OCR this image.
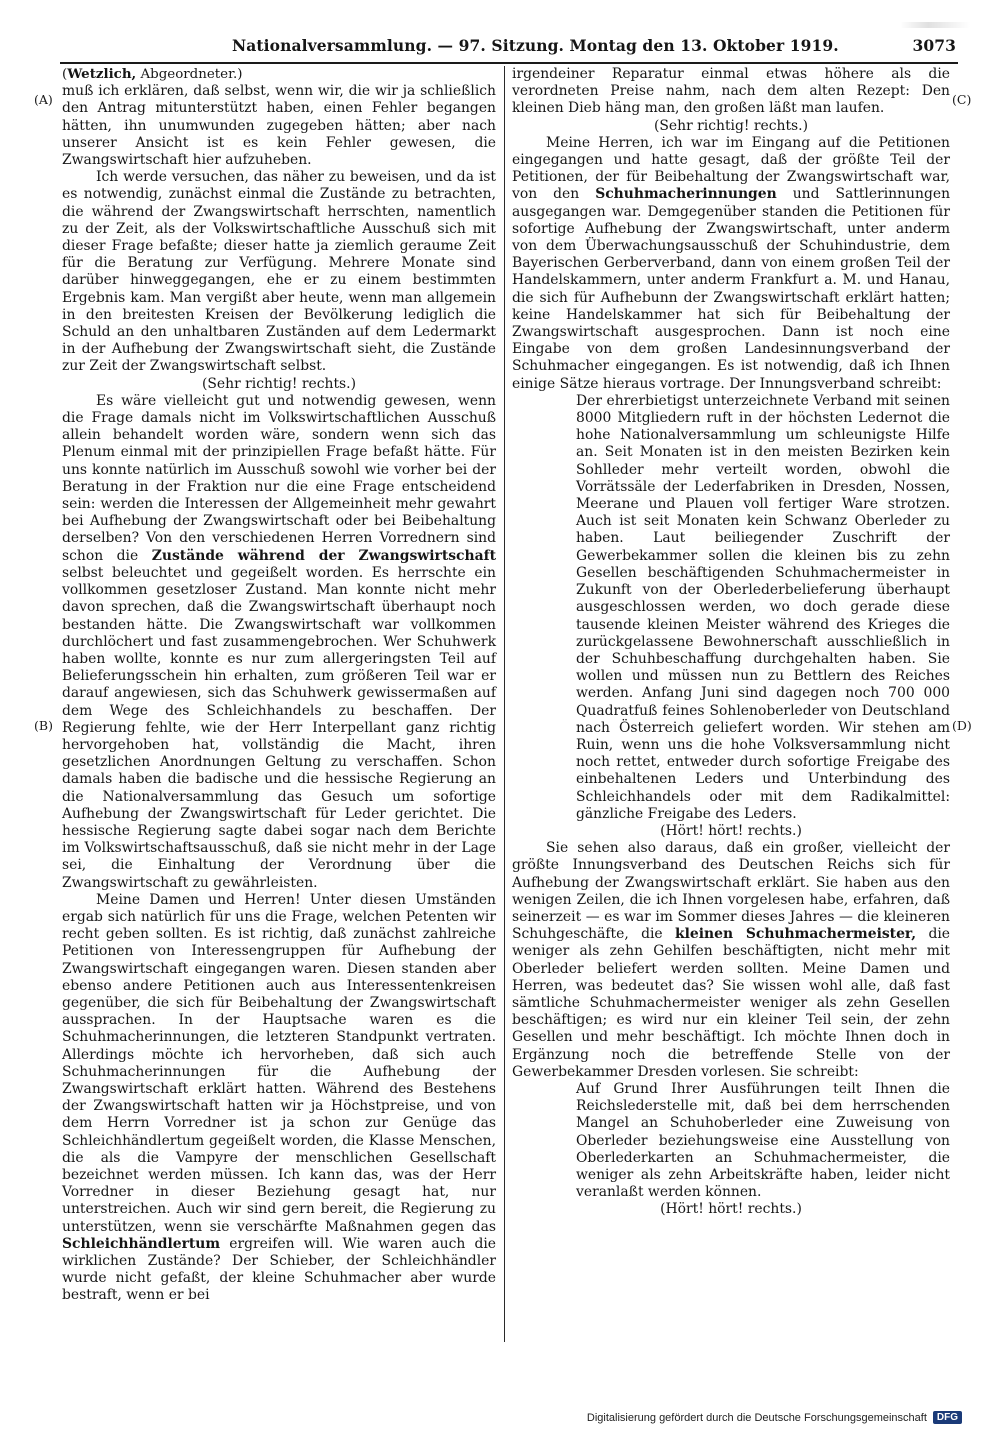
Nationalversammlung. — 97. Sitzung. Montag den 13. Oktober 1919.	3073
(A)
(B)
(C)
(D)

(Wetzlich, Abgeordneter.)

muß ich erklären, daß selbst, wenn wir, die wir ja schließlich den Antrag mitunterstützt haben, einen Fehler begangen hätten, ihn unumwunden zugegeben hätten; aber nach unserer Ansicht ist es kein Fehler gewesen, die Zwangswirtschaft hier aufzuheben.

Ich werde versuchen, das näher zu beweisen, und da ist es notwendig, zunächst einmal die Zustände zu betrachten, die während der Zwangswirtschaft herrschten, namentlich zu der Zeit, als der Volkswirtschaftliche Ausschuß sich mit dieser Frage befaßte; dieser hatte ja ziemlich geraume Zeit für die Beratung zur Verfügung. Mehrere Monate sind darüber hinweggegangen, ehe er zu einem bestimmten Ergebnis kam. Man vergißt aber heute, wenn man allgemein in den breitesten Kreisen der Bevölkerung lediglich die Schuld an den unhaltbaren Zuständen auf dem Ledermarkt in der Aufhebung der Zwangswirtschaft sieht, die Zustände zur Zeit der Zwangswirtschaft selbst.

(Sehr richtig! rechts.)

Es wäre vielleicht gut und notwendig gewesen, wenn die Frage damals nicht im Volkswirtschaftlichen Ausschuß allein behandelt worden wäre, sondern wenn sich das Plenum einmal mit der prinzipiellen Frage befaßt hätte. Für uns konnte natürlich im Ausschuß sowohl wie vorher bei der Beratung in der Fraktion nur die eine Frage entscheidend sein: werden die Interessen der Allgemeinheit mehr gewahrt bei Aufhebung der Zwangswirtschaft oder bei Beibehaltung derselben? Von den verschiedenen Herren Vorrednern sind schon die Zustände während der Zwangswirtschaft selbst beleuchtet und gegeißelt worden. Es herrschte ein vollkommen gesetzloser Zustand. Man konnte nicht mehr davon sprechen, daß die Zwangswirtschaft überhaupt noch bestanden hätte. Die Zwangswirtschaft war vollkommen durchlöchert und fast zusammengebrochen. Wer Schuhwerk haben wollte, konnte es nur zum allergeringsten Teil auf Belieferungsschein hin erhalten, zum größeren Teil war er darauf angewiesen, sich das Schuhwerk gewissermaßen auf dem Wege des Schleichhandels zu beschaffen. Der Regierung fehlte, wie der Herr Interpellant ganz richtig hervorgehoben hat, vollständig die Macht, ihren gesetzlichen Anordnungen Geltung zu verschaffen. Schon damals haben die badische und die hessische Regierung an die Nationalversammlung das Gesuch um sofortige Aufhebung der Zwangswirtschaft für Leder gerichtet. Die hessische Regierung sagte dabei sogar nach dem Berichte im Volkswirtschaftsausschuß, daß sie nicht mehr in der Lage sei, die Einhaltung der Verordnung über die Zwangswirtschaft zu gewährleisten.

Meine Damen und Herren! Unter diesen Umständen ergab sich natürlich für uns die Frage, welchen Petenten wir recht geben sollten. Es ist richtig, daß zunächst zahlreiche Petitionen von Interessengruppen für Aufhebung der Zwangswirtschaft eingegangen waren. Diesen standen aber ebenso andere Petitionen auch aus Interessentenkreisen gegenüber, die sich für Beibehaltung der Zwangswirtschaft aussprachen. In der Hauptsache waren es die Schuhmacherinnungen, die letzteren Standpunkt vertraten. Allerdings möchte ich hervorheben, daß sich auch Schuhmacherinnungen für die Aufhebung der Zwangswirtschaft erklärt hatten. Während des Bestehens der Zwangswirtschaft hatten wir ja Höchstpreise, und von dem Herrn Vorredner ist ja schon zur Genüge das Schleichhändlertum gegeißelt worden, die Klasse Menschen, die als die Vampyre der menschlichen Gesellschaft bezeichnet werden müssen. Ich kann das, was der Herr Vorredner in dieser Beziehung gesagt hat, nur unterstreichen. Auch wir sind gern bereit, die Regierung zu unterstützen, wenn sie verschärfte Maßnahmen gegen das Schleichhändlertum ergreifen will. Wie waren auch die wirklichen Zustände? Der Schieber, der Schleichhändler wurde nicht gefaßt, der kleine Schuhmacher aber wurde bestraft, wenn er bei

irgendeiner Reparatur einmal etwas höhere als die verordneten Preise nahm, nach dem alten Rezept: Den kleinen Dieb häng man, den großen läßt man laufen.

(Sehr richtig! rechts.)

Meine Herren, ich war im Eingang auf die Petitionen eingegangen und hatte gesagt, daß der größte Teil der Petitionen, der für Beibehaltung der Zwangswirtschaft war, von den Schuhmacherinnungen und Sattlerinnungen ausgegangen war. Demgegenüber standen die Petitionen für sofortige Aufhebung der Zwangswirtschaft, unter anderm von dem Überwachungsausschuß der Schuhindustrie, dem Bayerischen Gerberverband, dann von einem großen Teil der Handelskammern, unter anderm Frankfurt a. M. und Hanau, die sich für Aufhebunn der Zwangswirtschaft erklärt hatten; keine Handelskammer hat sich für Beibehaltung der Zwangswirtschaft ausgesprochen. Dann ist noch eine Eingabe von dem großen Landesinnungsverband der Schuhmacher eingegangen. Es ist notwendig, daß ich Ihnen einige Sätze hieraus vortrage. Der Innungsverband schreibt:

Der ehrerbietigst unterzeichnete Verband mit seinen 8000 Mitgliedern ruft in der höchsten Ledernot die hohe Nationalversammlung um schleunigste Hilfe an. Seit Monaten ist in den meisten Bezirken kein Sohlleder mehr verteilt worden, obwohl die Vorrätssäle der Lederfabriken in Dresden, Nossen, Meerane und Plauen voll fertiger Ware strotzen. Auch ist seit Monaten kein Schwanz Oberleder zu haben. Laut beiliegender Zuschrift der Gewerbekammer sollen die kleinen bis zu zehn Gesellen beschäftigenden Schuhmachermeister in Zukunft von der Oberlederbelieferung überhaupt ausgeschlossen werden, wo doch gerade diese tausende kleinen Meister während des Krieges die zurückgelassene Bewohnerschaft ausschließlich in der Schuhbeschaffung durchgehalten haben. Sie wollen und müssen nun zu Bettlern des Reiches werden. Anfang Juni sind dagegen noch 700 000 Quadratfuß feines Sohlenoberleder von Deutschland nach Österreich geliefert worden. Wir stehen am Ruin, wenn uns die hohe Volksversammlung nicht noch rettet, entweder durch sofortige Freigabe des einbehaltenen Leders und Unterbindung des Schleichhandels oder mit dem Radikalmittel: gänzliche Freigabe des Leders.

(Hört! hört! rechts.)

Sie sehen also daraus, daß ein großer, vielleicht der größte Innungsverband des Deutschen Reichs sich für Aufhebung der Zwangswirtschaft erklärt. Sie haben aus den wenigen Zeilen, die ich Ihnen vorgelesen habe, erfahren, daß seinerzeit — es war im Sommer dieses Jahres — die kleineren Schuhgeschäfte, die kleinen Schuhmachermeister, die weniger als zehn Gehilfen beschäftigten, nicht mehr mit Oberleder beliefert werden sollten. Meine Damen und Herren, was bedeutet das? Sie wissen wohl alle, daß fast sämtliche Schuhmachermeister weniger als zehn Gesellen beschäftigen; es wird nur ein kleiner Teil sein, der zehn Gesellen und mehr beschäftigt. Ich möchte Ihnen doch in Ergänzung noch die betreffende Stelle von der Gewerbekammer Dresden vorlesen. Sie schreibt:

Auf Grund Ihrer Ausführungen teilt Ihnen die Reichslederstelle mit, daß bei dem herrschenden Mangel an Schuhoberleder eine Zuweisung von Oberleder beziehungsweise eine Ausstellung von Oberlederkarten an Schuhmachermeister, die weniger als zehn Arbeitskräfte haben, leider nicht veranlaßt werden können.

(Hört! hört! rechts.)

Digitalisierung gefördert durch die Deutsche Forschungsgemeinschaft	DFG
